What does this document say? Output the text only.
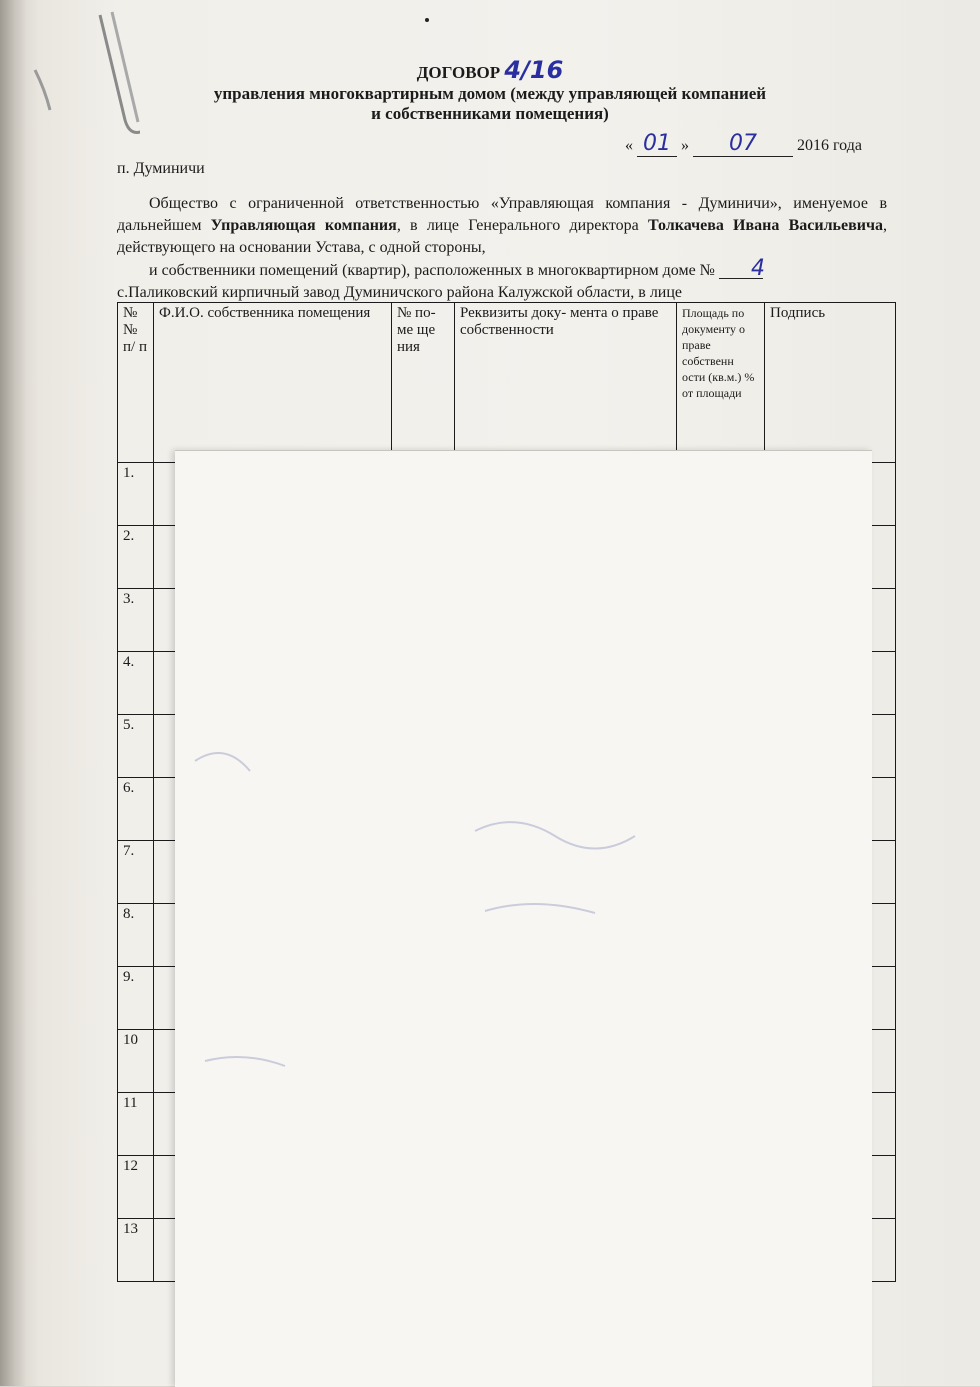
ДОГОВОР 4/16
управления многоквартирным домом (между управляющей компанией
и собственниками помещения)
« 01 » 07	2016 года
п. Думиничи
Общество с ограниченной ответственностью «Управляющая компания - Думиничи», именуемое в дальнейшем Управляющая компания, в лице Генерального директора Толкачева Ивана Васильевича, действующего на основании Устава, с одной стороны,
и собственники помещений (квартир), расположенных в многоквартирном доме № 4
с.Паликовский кирпичный завод Думиничского района Калужской области, в лице
№ № п/ п	Ф.И.О. собственника помещения	№ по- ме ще ния	Реквизиты доку- мента о праве собственности	Площадь по документу о праве собственн ости (кв.м.) % от площади	Подпись
1.					
2.					
3.					
4.					
5.					
6.					
7.					
8.					
9.					
10					
11					
12					
13					
